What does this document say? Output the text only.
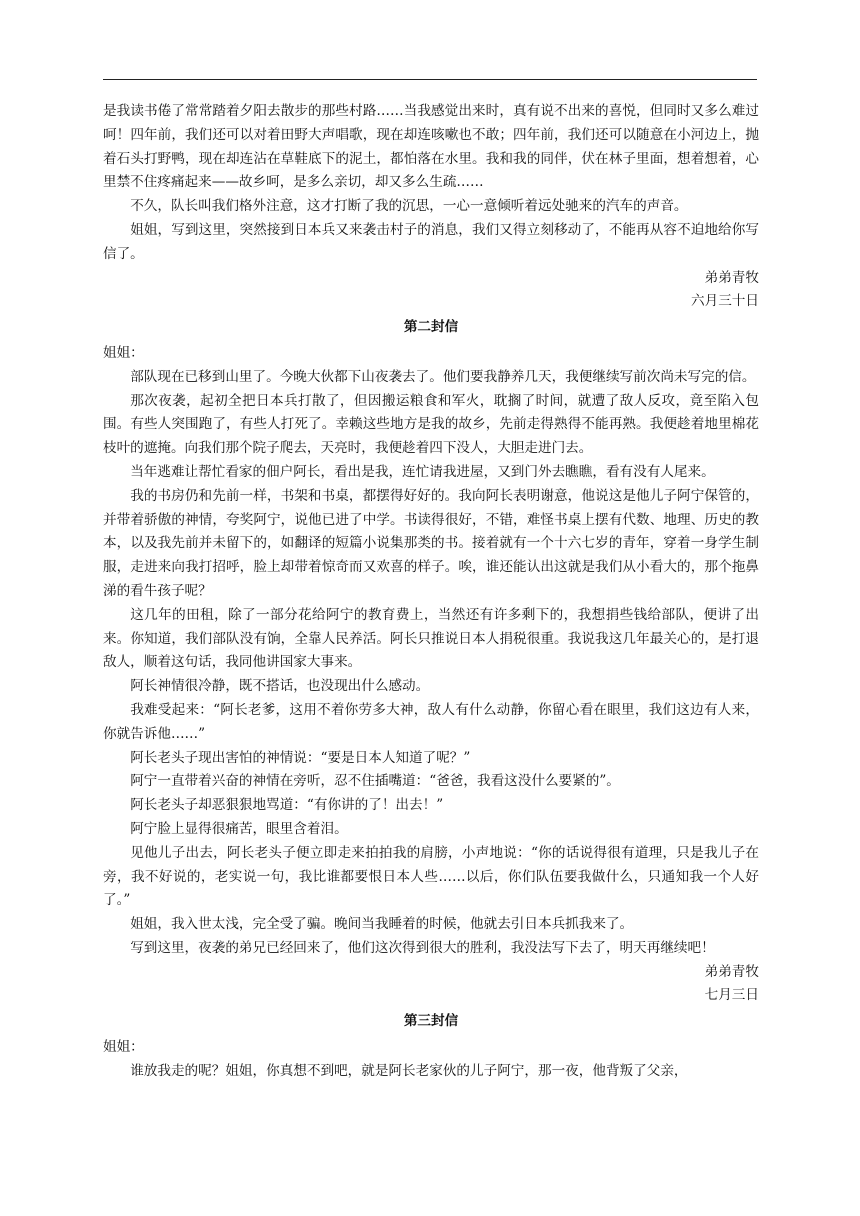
是我读书倦了常常踏着夕阳去散步的那些村路……当我感觉出来时，真有说不出来的喜悦，但同时又多么难过呵！四年前，我们还可以对着田野大声唱歌，现在却连咳嗽也不敢；四年前，我们还可以随意在小河边上，抛着石头打野鸭，现在却连沾在草鞋底下的泥土，都怕落在水里。我和我的同伴，伏在林子里面，想着想着，心里禁不住疼痛起来——故乡呵，是多么亲切，却又多么生疏……

不久，队长叫我们格外注意，这才打断了我的沉思，一心一意倾听着远处驰来的汽车的声音。

姐姐，写到这里，突然接到日本兵又来袭击村子的消息，我们又得立刻移动了，不能再从容不迫地给你写信了。

弟弟青牧

六月三十日

第二封信

姐姐：

部队现在已移到山里了。今晚大伙都下山夜袭去了。他们要我静养几天，我便继续写前次尚未写完的信。

那次夜袭，起初全把日本兵打散了，但因搬运粮食和军火，耽搁了时间，就遭了敌人反攻，竟至陷入包围。有些人突围跑了，有些人打死了。幸赖这些地方是我的故乡，先前走得熟得不能再熟。我便趁着地里棉花枝叶的遮掩。向我们那个院子爬去，天亮时，我便趁着四下没人，大胆走进门去。

当年逃难让帮忙看家的佃户阿长，看出是我，连忙请我进屋，又到门外去瞧瞧，看有没有人尾来。

我的书房仍和先前一样，书架和书桌，都摆得好好的。我向阿长表明谢意，他说这是他儿子阿宁保管的，并带着骄傲的神情，夸奖阿宁，说他已进了中学。书读得很好，不错，难怪书桌上摆有代数、地理、历史的教本，以及我先前并未留下的，如翻译的短篇小说集那类的书。接着就有一个十六七岁的青年，穿着一身学生制服，走进来向我打招呼，脸上却带着惊奇而又欢喜的样子。唉，谁还能认出这就是我们从小看大的，那个拖鼻涕的看牛孩子呢？

这几年的田租，除了一部分花给阿宁的教育费上，当然还有许多剩下的，我想捐些钱给部队，便讲了出来。你知道，我们部队没有饷，全靠人民养活。阿长只推说日本人捐税很重。我说我这几年最关心的，是打退敌人，顺着这句话，我同他讲国家大事来。

阿长神情很冷静，既不搭话，也没现出什么感动。

我难受起来：“阿长老爹，这用不着你劳多大神，敌人有什么动静，你留心看在眼里，我们这边有人来，你就告诉他……”

阿长老头子现出害怕的神情说：“要是日本人知道了呢？”

阿宁一直带着兴奋的神情在旁听，忍不住插嘴道：“爸爸，我看这没什么要紧的”。

阿长老头子却恶狠狠地骂道：“有你讲的了！出去！”

阿宁脸上显得很痛苦，眼里含着泪。

见他儿子出去，阿长老头子便立即走来拍拍我的肩膀，小声地说：“你的话说得很有道理，只是我儿子在旁，我不好说的，老实说一句，我比谁都要恨日本人些……以后，你们队伍要我做什么，只通知我一个人好了。”

姐姐，我入世太浅，完全受了骗。晚间当我睡着的时候，他就去引日本兵抓我来了。

写到这里，夜袭的弟兄已经回来了，他们这次得到很大的胜利，我没法写下去了，明天再继续吧！

弟弟青牧

七月三日

第三封信

姐姐：

谁放我走的呢？姐姐，你真想不到吧，就是阿长老家伙的儿子阿宁，那一夜，他背叛了父亲，
